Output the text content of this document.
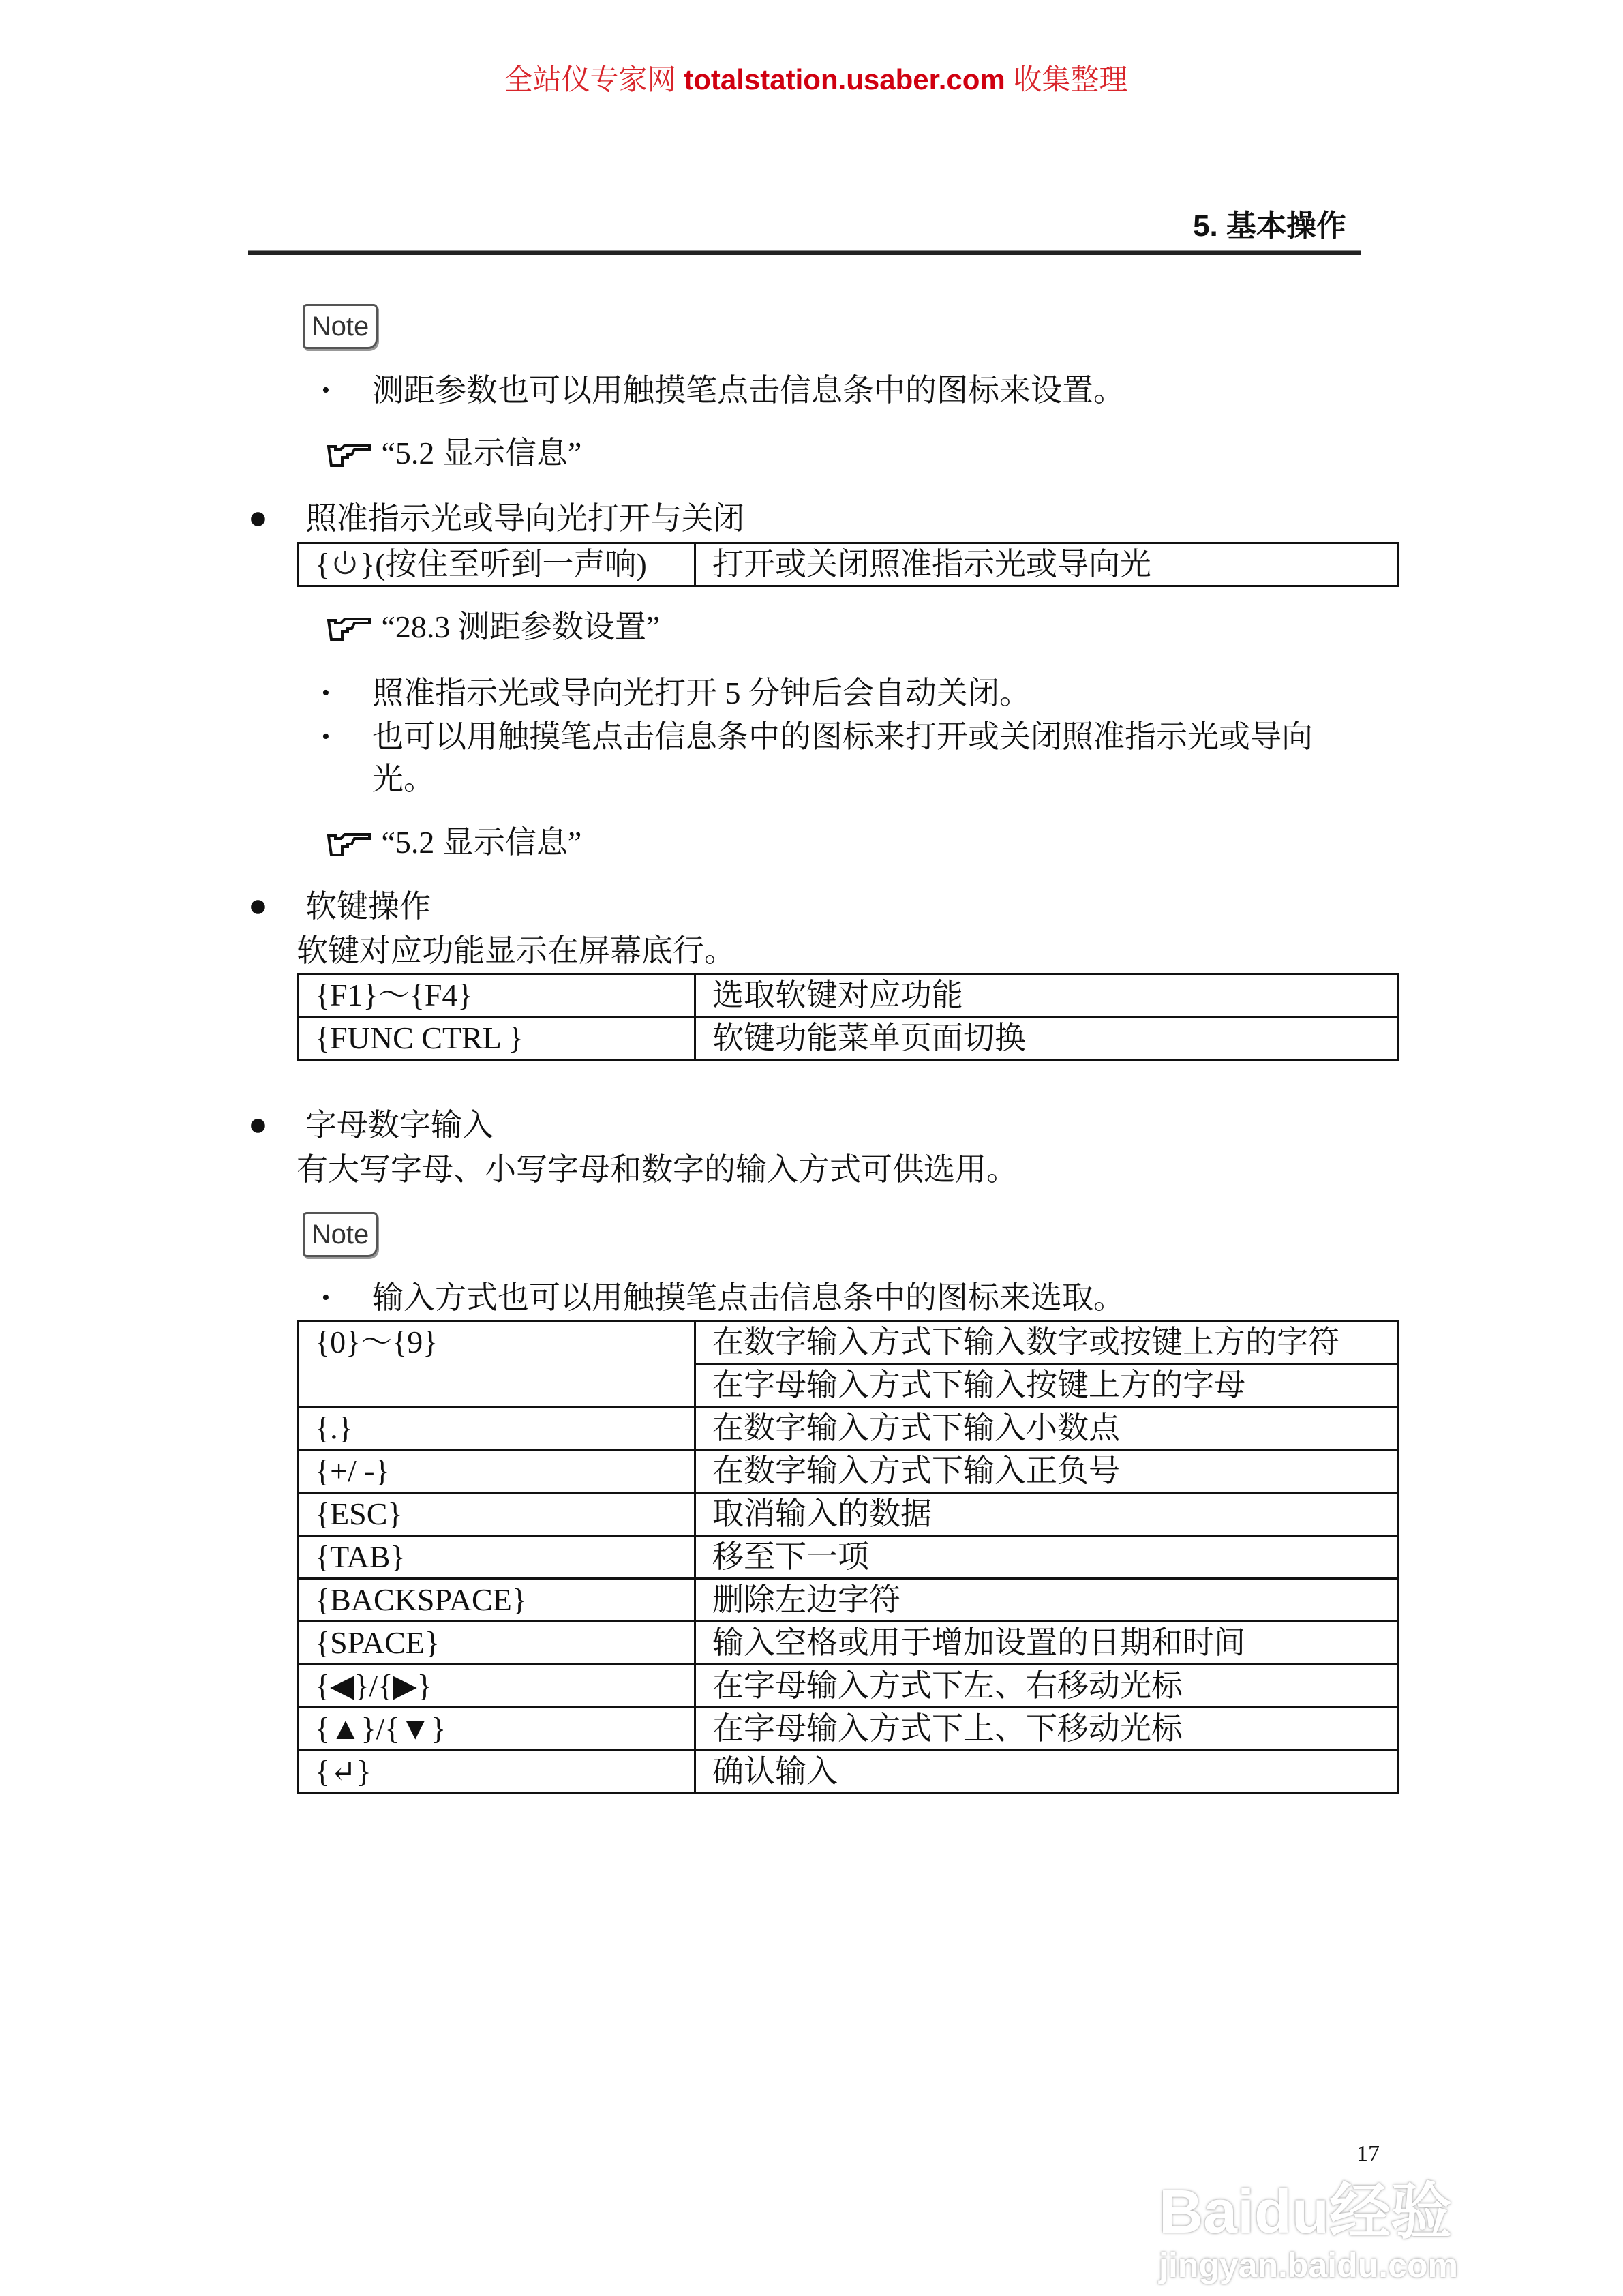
全站仪专家网 totalstation.usaber.com 收集整理
5. 基本操作
Note
• 测距参数也可以用触摸笔点击信息条中的图标来设置。
“5.2 显示信息”
● 照准指示光或导向光打开与关闭
{ }(按住至听到一声响)	打开或关闭照准指示光或导向光
“28.3 测距参数设置”
• 照准指示光或导向光打开 5 分钟后会自动关闭。
• 也可以用触摸笔点击信息条中的图标来打开或关闭照准指示光或导向
光。
“5.2 显示信息”
● 软键操作
软键对应功能显示在屏幕底行。
{F1}～{F4}	选取软键对应功能
{FUNC CTRL }	软键功能菜单页面切换
● 字母数字输入
有大写字母、小写字母和数字的输入方式可供选用。
Note
• 输入方式也可以用触摸笔点击信息条中的图标来选取。
{0}～{9}	在数字输入方式下输入数字或按键上方的字符
	在字母输入方式下输入按键上方的字母
{.}	在数字输入方式下输入小数点
{+/ -}	在数字输入方式下输入正负号
{ESC}	取消输入的数据
{TAB}	移至下一项
{BACKSPACE}	删除左边字符
{SPACE}	输入空格或用于增加设置的日期和时间
{◀}/{▶}	在字母输入方式下左、右移动光标
{▲}/{▼}	在字母输入方式下上、下移动光标
{↵}	确认输入
17
Baidu经验
jingyan.baidu.com
